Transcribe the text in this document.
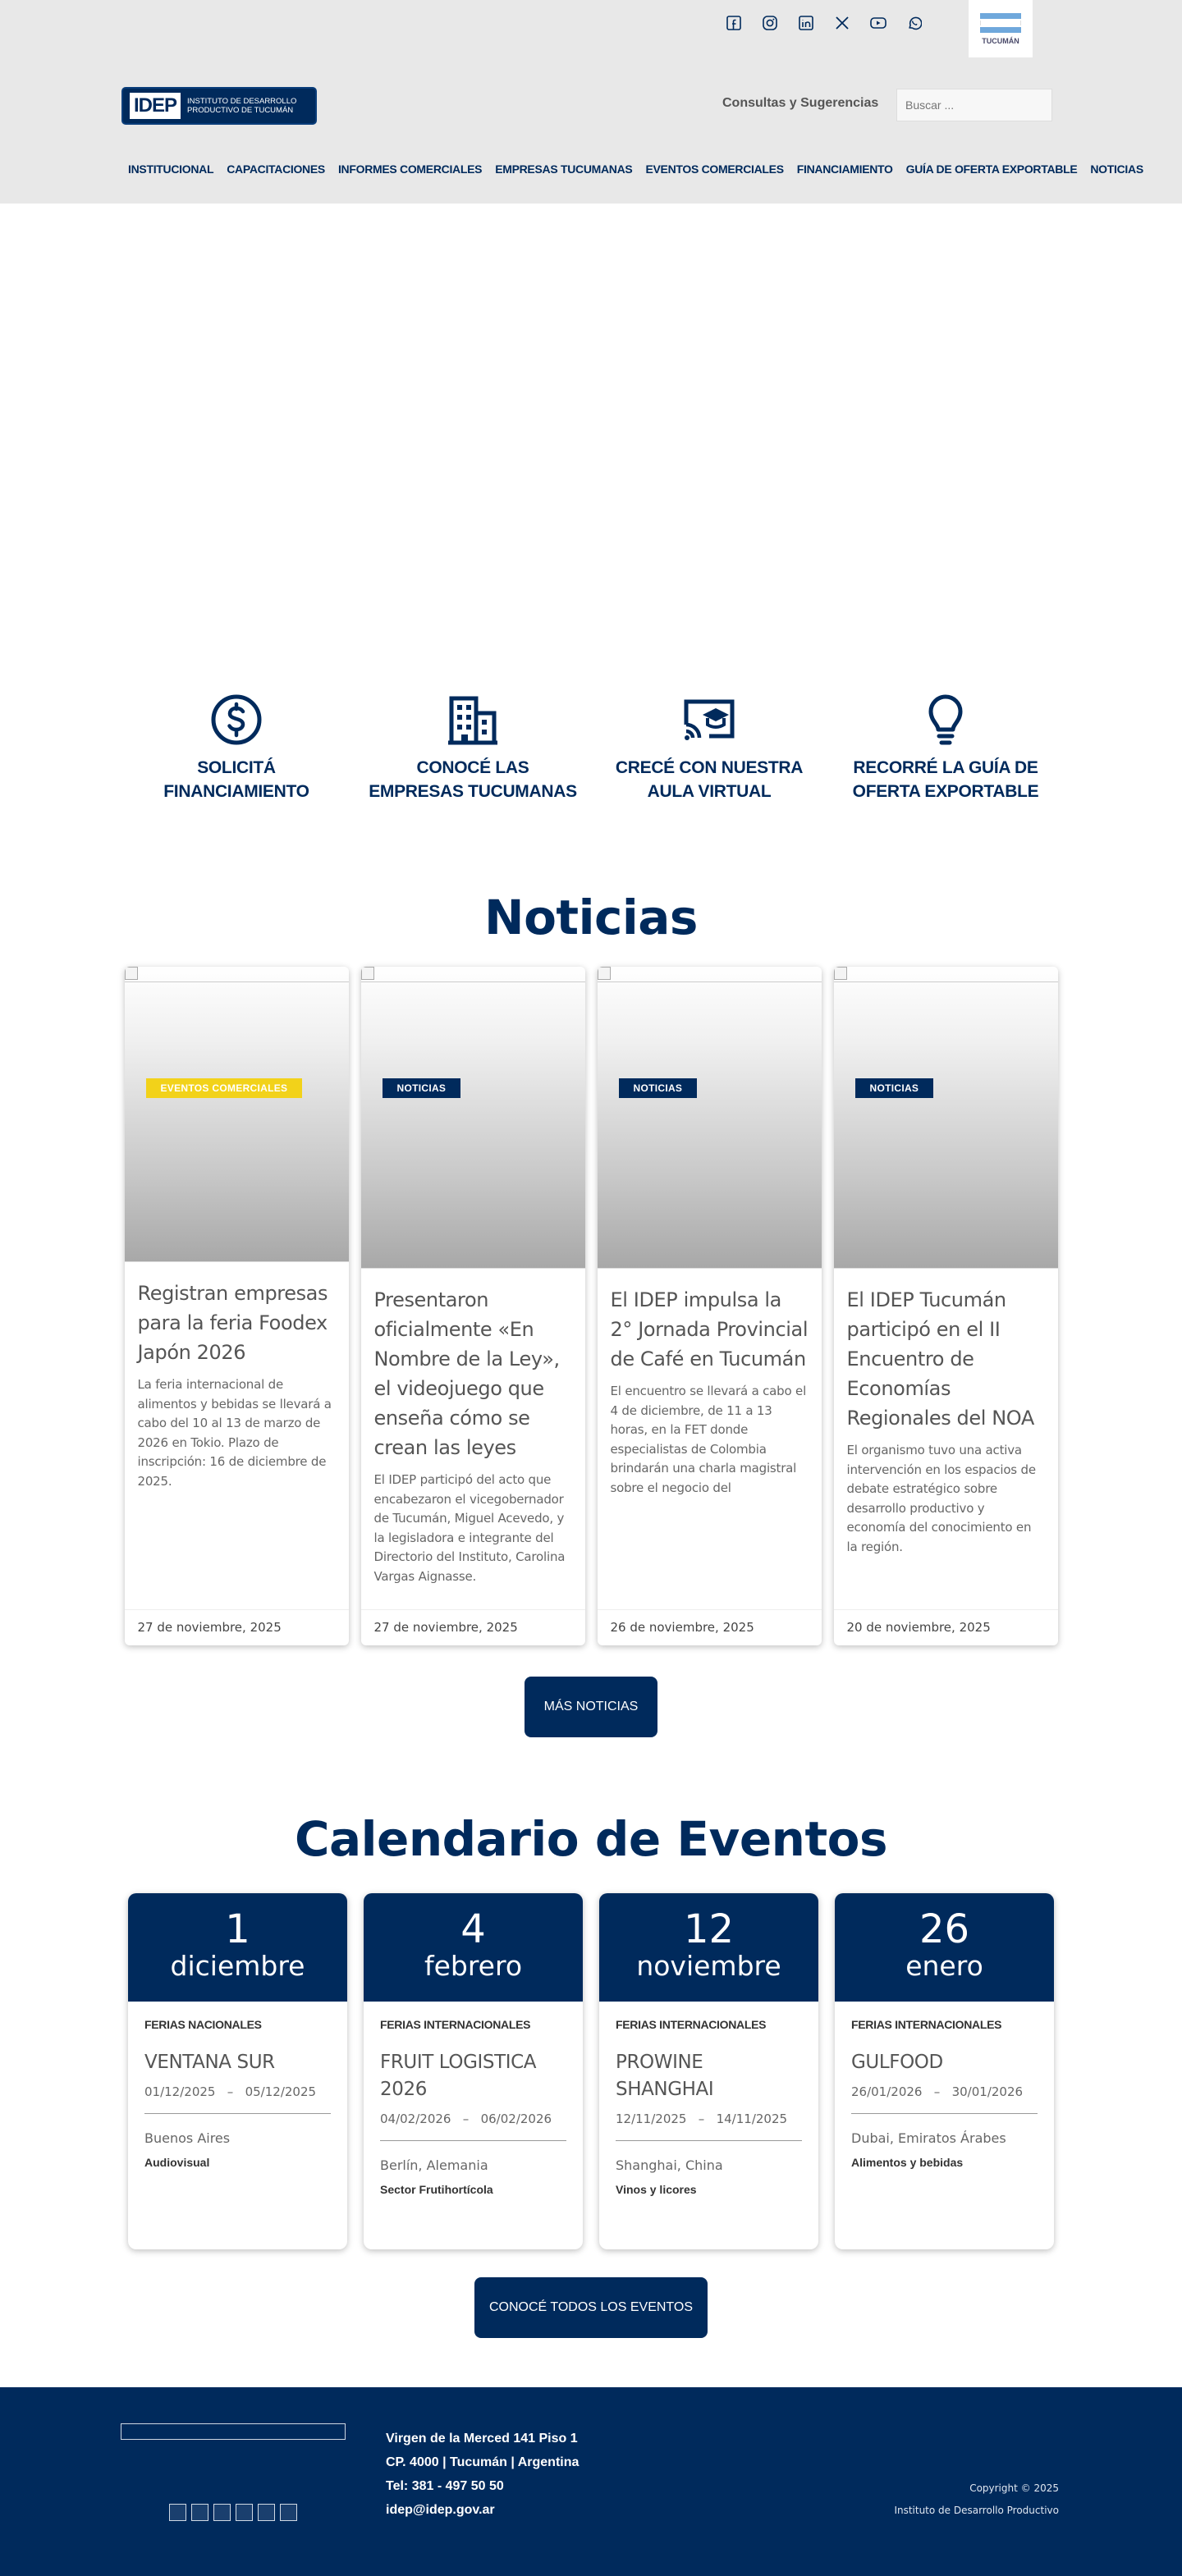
TUCUMÁN
IDEP	INSTITUTO DE DESARROLLO
PRODUCTIVO DE TUCUMÁN
Consultas y Sugerencias
Buscar ...
INSTITUCIONAL	CAPACITACIONES	INFORMES COMERCIALES	EMPRESAS TUCUMANAS	EVENTOS COMERCIALES	FINANCIAMIENTO	GUÍA DE OFERTA EXPORTABLE	NOTICIAS
SOLICITÁ
FINANCIAMIENTO
CONOCÉ LAS
EMPRESAS TUCUMANAS
CRECÉ CON NUESTRA
AULA VIRTUAL
RECORRÉ LA GUÍA DE
OFERTA EXPORTABLE
Noticias
EVENTOS COMERCIALES
Registran empresas para la feria Foodex Japón 2026

La feria internacional de alimentos y bebidas se llevará a cabo del 10 al 13 de marzo de 2026 en Tokio. Plazo de inscripción: 16 de diciembre de 2025.

27 de noviembre, 2025
NOTICIAS
Presentaron oficialmente «En Nombre de la Ley», el videojuego que enseña cómo se crean las leyes

El IDEP participó del acto que encabezaron el vicegobernador de Tucumán, Miguel Acevedo, y la legisladora e integrante del Directorio del Instituto, Carolina Vargas Aignasse.

27 de noviembre, 2025
NOTICIAS
El IDEP impulsa la 2° Jornada Provincial de Café en Tucumán

El encuentro se llevará a cabo el 4 de diciembre, de 11 a 13 horas, en la FET donde especialistas de Colombia brindarán una charla magistral sobre el negocio del

26 de noviembre, 2025
NOTICIAS
El IDEP Tucumán participó en el II Encuentro de Economías Regionales del NOA

El organismo tuvo una activa intervención en los espacios de debate estratégico sobre desarrollo productivo y economía del conocimiento en la región.

20 de noviembre, 2025
MÁS NOTICIAS
Calendario de Eventos
1
diciembre
FERIAS NACIONALES
VENTANA SUR
01/12/2025 – 05/12/2025
Buenos Aires
Audiovisual
4
febrero
FERIAS INTERNACIONALES
FRUIT LOGISTICA 2026
04/02/2026 – 06/02/2026
Berlín, Alemania
Sector Frutihortícola
12
noviembre
FERIAS INTERNACIONALES
PROWINE SHANGHAI
12/11/2025 – 14/11/2025
Shanghai, China
Vinos y licores
26
enero
FERIAS INTERNACIONALES
GULFOOD
26/01/2026 – 30/01/2026
Dubai, Emiratos Árabes
Alimentos y bebidas
CONOCÉ TODOS LOS EVENTOS
Virgen de la Merced 141 Piso 1
CP. 4000 | Tucumán | Argentina
Tel: 381 - 497 50 50
idep@idep.gov.ar
Copyright © 2025
Instituto de Desarrollo Productivo
